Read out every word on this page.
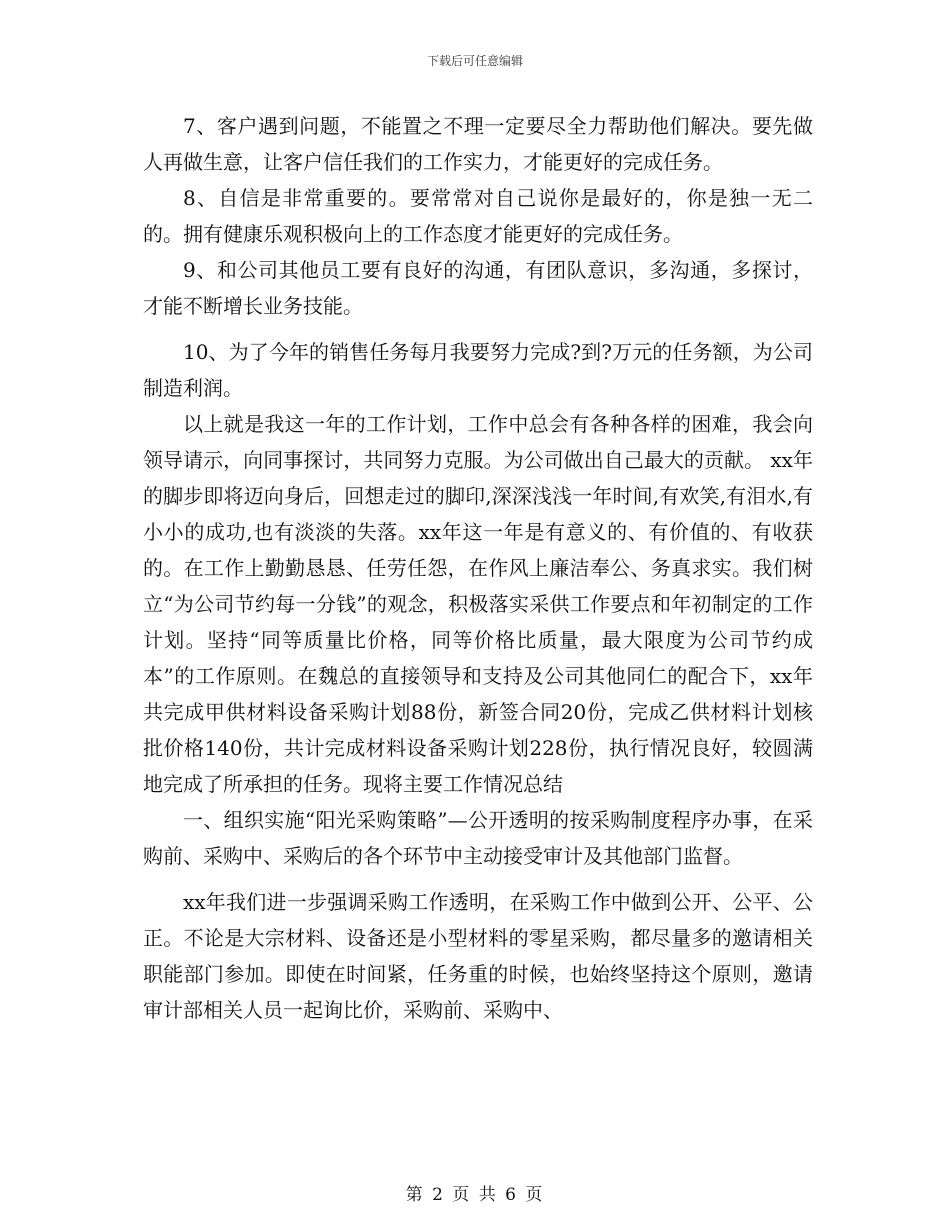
下载后可任意编辑

7、客户遇到问题，不能置之不理一定要尽全力帮助他们解决。要先做人再做生意，让客户信任我们的工作实力，才能更好的完成任务。

8、自信是非常重要的。要常常对自己说你是最好的，你是独一无二的。拥有健康乐观积极向上的工作态度才能更好的完成任务。

9、和公司其他员工要有良好的沟通，有团队意识，多沟通，多探讨，才能不断增长业务技能。

10、为了今年的销售任务每月我要努力完成?到?万元的任务额，为公司制造利润。

以上就是我这一年的工作计划，工作中总会有各种各样的困难，我会向领导请示，向同事探讨，共同努力克服。为公司做出自己最大的贡献。 xx年的脚步即将迈向身后，回想走过的脚印,深深浅浅一年时间,有欢笑,有泪水,有小小的成功,也有淡淡的失落。xx年这一年是有意义的、有价值的、有收获的。在工作上勤勤恳恳、任劳任怨，在作风上廉洁奉公、务真求实。我们树立“为公司节约每一分钱”的观念，积极落实采供工作要点和年初制定的工作计划。坚持“同等质量比价格，同等价格比质量，最大限度为公司节约成本”的工作原则。在魏总的直接领导和支持及公司其他同仁的配合下，xx年共完成甲供材料设备采购计划88份，新签合同20份，完成乙供材料计划核批价格140份，共计完成材料设备采购计划228份，执行情况良好，较圆满地完成了所承担的任务。现将主要工作情况总结

一、组织实施“阳光采购策略”—公开透明的按采购制度程序办事，在采购前、采购中、采购后的各个环节中主动接受审计及其他部门监督。

xx年我们进一步强调采购工作透明，在采购工作中做到公开、公平、公正。不论是大宗材料、设备还是小型材料的零星采购，都尽量多的邀请相关职能部门参加。即使在时间紧，任务重的时候，也始终坚持这个原则，邀请审计部相关人员一起询比价，采购前、采购中、

第 2 页 共 6 页
